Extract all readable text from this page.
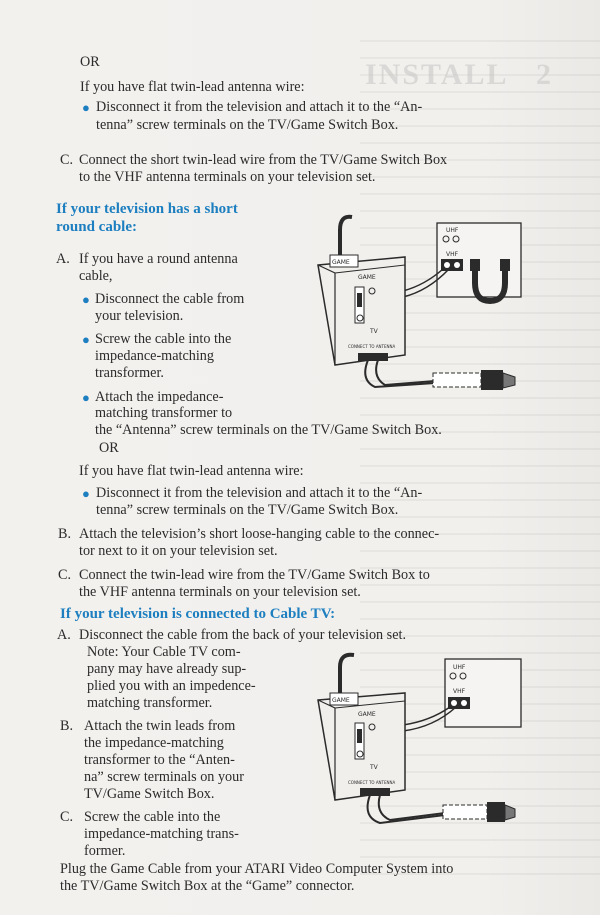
INSTALL 2
OR
If you have flat twin-lead antenna wire:
● Disconnect it from the television and attach it to the “An-
tenna” screw terminals on the TV/Game Switch Box.
C. Connect the short twin-lead wire from the TV/Game Switch Box
to the VHF antenna terminals on your television set.
If your television has a short
round cable:
A. If you have a round antenna
cable,
● Disconnect the cable from
your television.
● Screw the cable into the
impedance-matching
transformer.
● Attach the impedance-
matching transformer to
the “Antenna” screw terminals on the TV/Game Switch Box.
OR
If you have flat twin-lead antenna wire:
● Disconnect it from the television and attach it to the “An-
tenna” screw terminals on the TV/Game Switch Box.
B. Attach the television’s short loose-hanging cable to the connec-
tor next to it on your television set.
C. Connect the twin-lead wire from the TV/Game Switch Box to
the VHF antenna terminals on your television set.
If your television is connected to Cable TV:
A. Disconnect the cable from the back of your television set.
Note: Your Cable TV com-
pany may have already sup-
plied you with an impedence-
matching transformer.
B. Attach the twin leads from
the impedance-matching
transformer to the “Anten-
na” screw terminals on your
TV/Game Switch Box.
C. Screw the cable into the
impedance-matching trans-
former.
Plug the Game Cable from your ATARI Video Computer System into
the TV/Game Switch Box at the “Game” connector.
UHF
VHF
GAME
GAME
TV
CONNECT TO ANTENNA
UHF
VHF
GAME
GAME
TV
CONNECT TO ANTENNA
